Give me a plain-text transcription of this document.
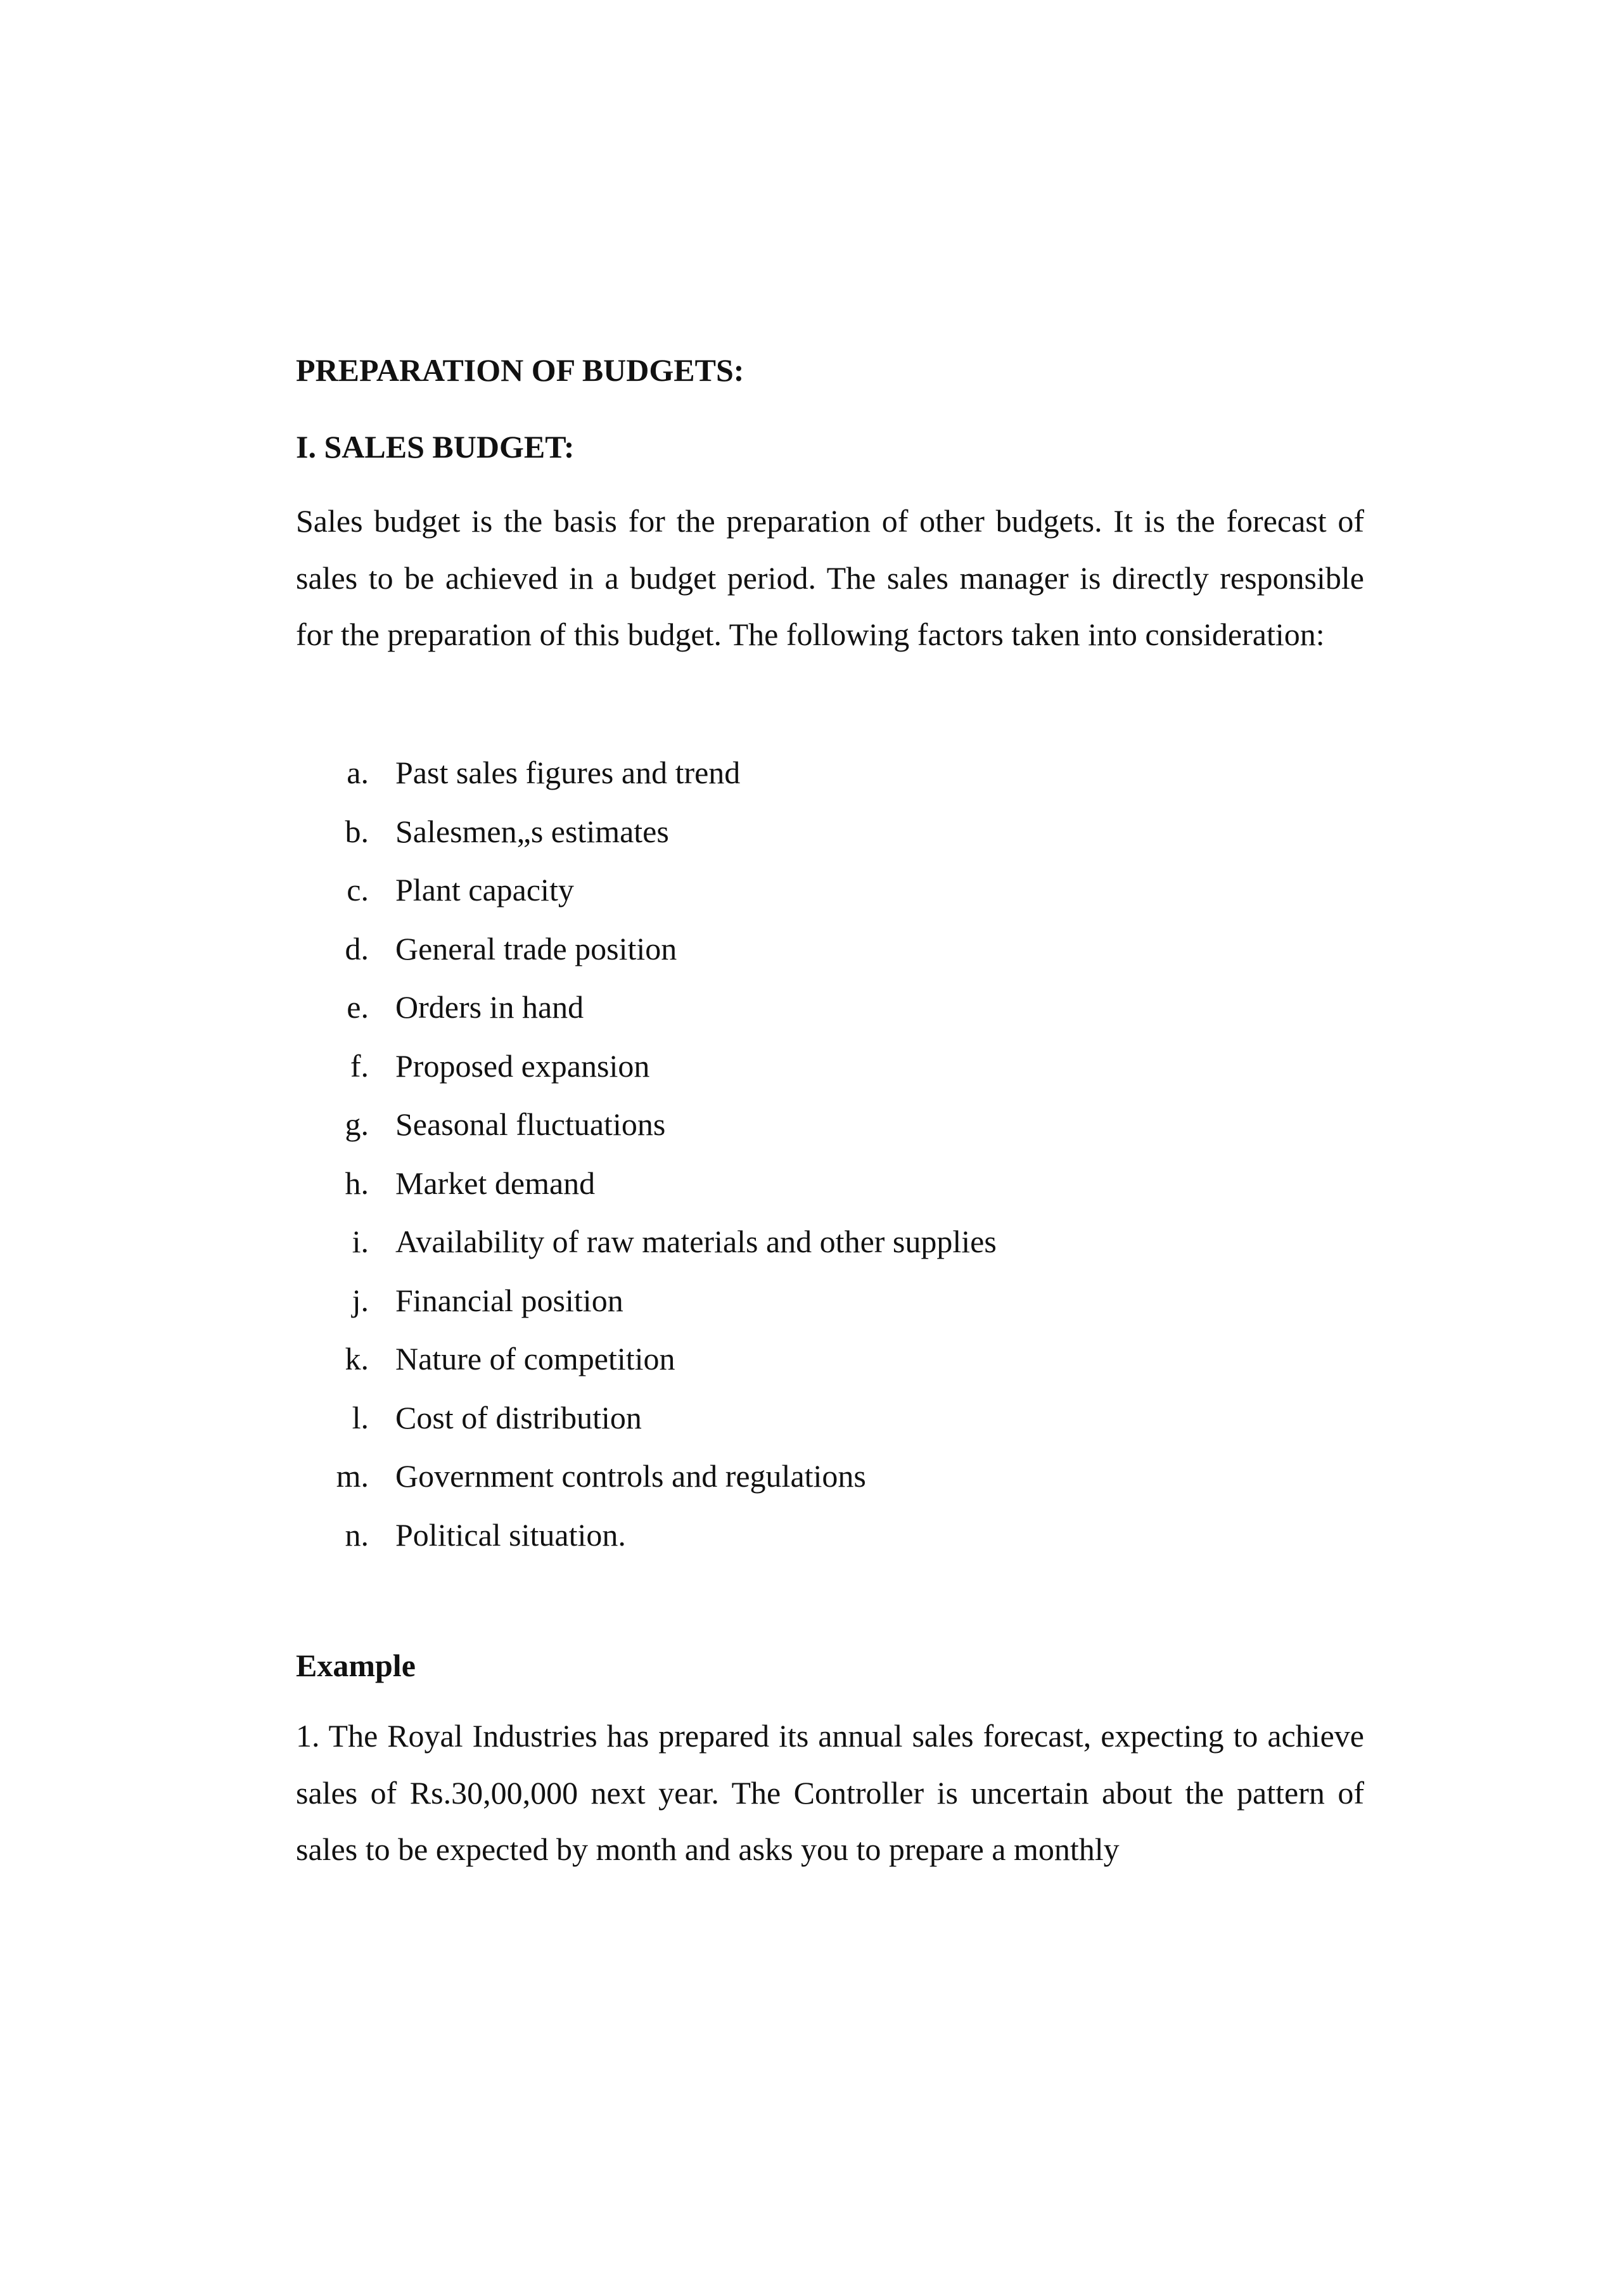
PREPARATION OF BUDGETS:
I. SALES BUDGET:

Sales budget is the basis for the preparation of other budgets. It is the forecast of sales to be achieved in a budget period. The sales manager is directly responsible for the preparation of this budget. The following factors taken into consideration:

a. Past sales figures and trend
b. Salesmen„s estimates
c. Plant capacity
d. General trade position
e. Orders in hand
f. Proposed expansion
g. Seasonal fluctuations
h. Market demand
i. Availability of raw materials and other supplies
j. Financial position
k. Nature of competition
l. Cost of distribution
m. Government controls and regulations
n. Political situation.
Example

1. The Royal Industries has prepared its annual sales forecast, expecting to achieve sales of Rs.30,00,000 next year. The Controller is uncertain about the pattern of sales to be expected by month and asks you to prepare a monthly
